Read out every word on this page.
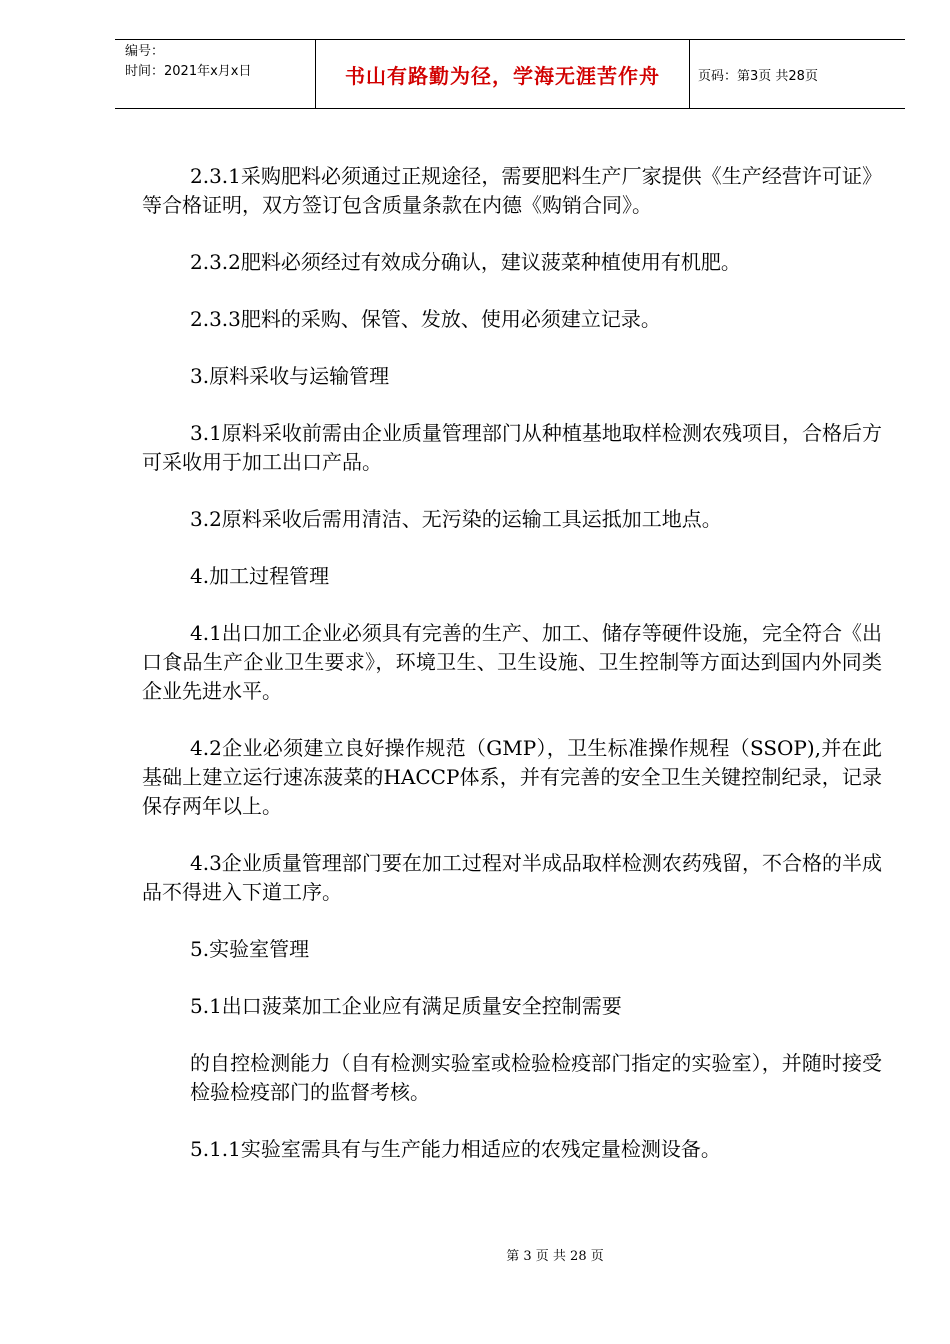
编号：
时间：2021年x月x日	书山有路勤为径，学海无涯苦作舟	页码：第3页 共28页

2.3.1采购肥料必须通过正规途径，需要肥料生产厂家提供《生产经营许可证》等合格证明，双方签订包含质量条款在内德《购销合同》。

2.3.2肥料必须经过有效成分确认，建议菠菜种植使用有机肥。

2.3.3肥料的采购、保管、发放、使用必须建立记录。

3.原料采收与运输管理

3.1原料采收前需由企业质量管理部门从种植基地取样检测农残项目，合格后方可采收用于加工出口产品。

3.2原料采收后需用清洁、无污染的运输工具运抵加工地点。

4.加工过程管理

4.1出口加工企业必须具有完善的生产、加工、储存等硬件设施，完全符合《出口食品生产企业卫生要求》，环境卫生、卫生设施、卫生控制等方面达到国内外同类企业先进水平。

4.2企业必须建立良好操作规范（GMP），卫生标准操作规程（SSOP),并在此基础上建立运行速冻菠菜的HACCP体系，并有完善的安全卫生关键控制纪录，记录保存两年以上。

4.3企业质量管理部门要在加工过程对半成品取样检测农药残留，不合格的半成品不得进入下道工序。

5.实验室管理

5.1出口菠菜加工企业应有满足质量安全控制需要

的自控检测能力（自有检测实验室或检验检疫部门指定的实验室），并随时接受检验检疫部门的监督考核。

5.1.1实验室需具有与生产能力相适应的农残定量检测设备。

第 3 页 共 28 页
